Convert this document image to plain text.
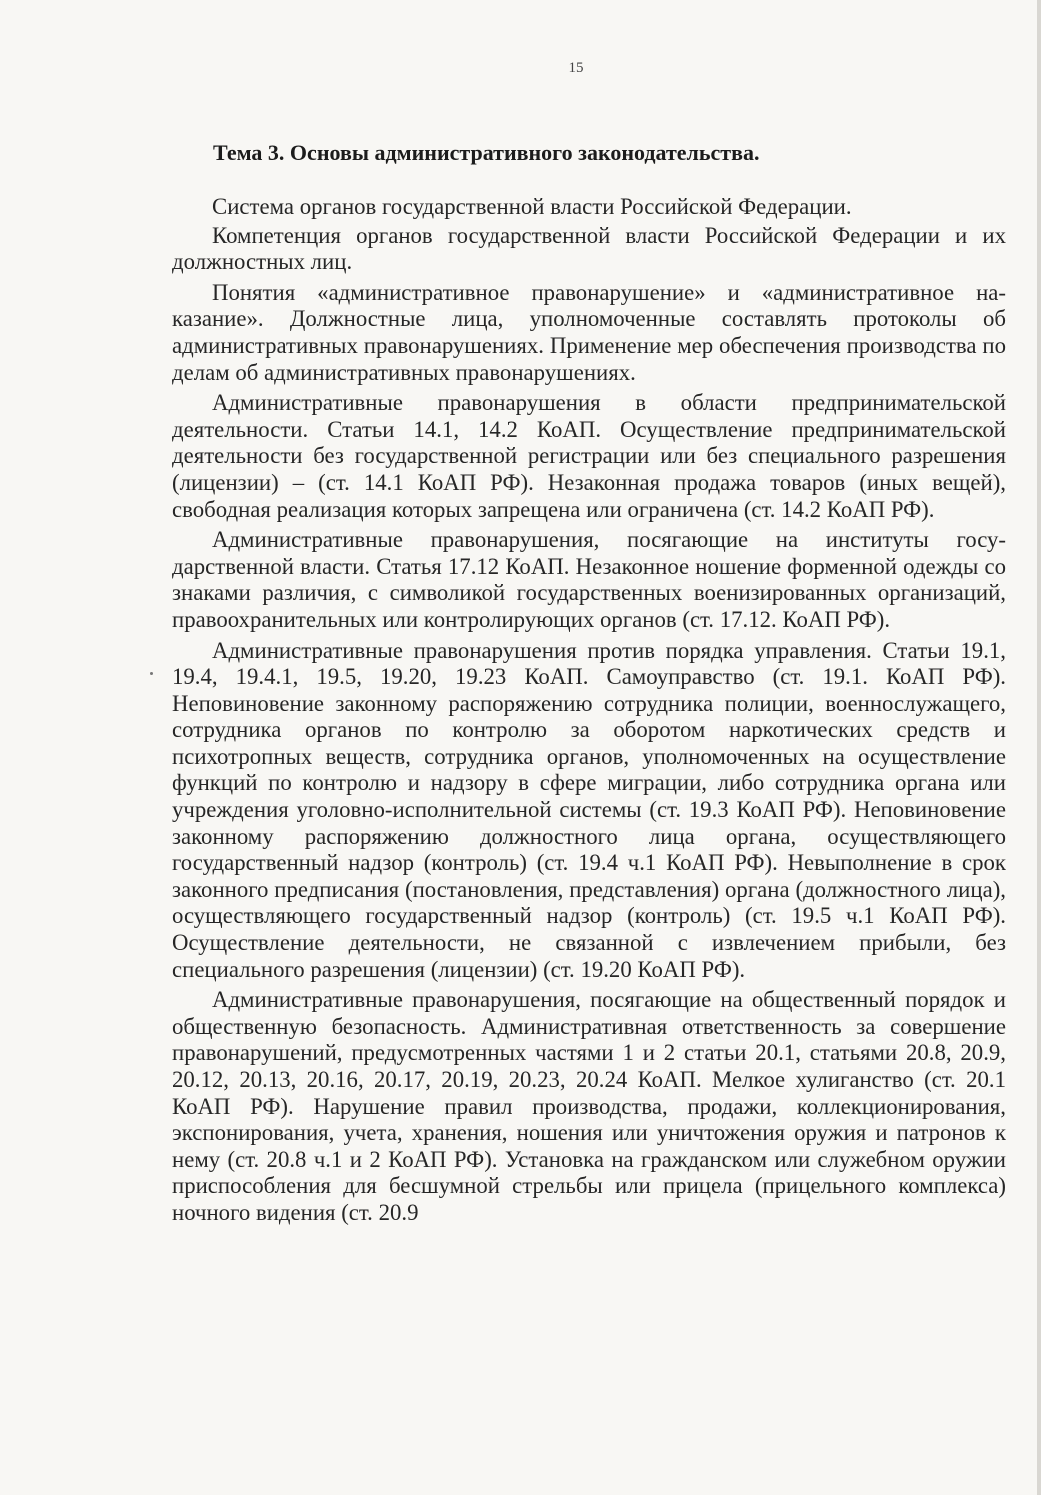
15
Тема 3. Основы административного законодательства.

Система органов государственной власти Российской Федерации.

Компетенция органов государственной власти Российской Федерации и их должностных лиц.

Понятия «административное правонарушение» и «административное наказание». Должностные лица, уполномоченные составлять протоколы об административных правонарушениях. Применение мер обеспечения производства по делам об административных правонарушениях.

Административные правонарушения в области предпринимательской деятельности. Статьи 14.1, 14.2 КоАП. Осуществление предпринимательской деятельности без государственной регистрации или без специального разрешения (лицензии) – (ст. 14.1 КоАП РФ). Незаконная продажа товаров (иных вещей), свободная реализация которых запрещена или ограничена (ст. 14.2 КоАП РФ).

Административные правонарушения, посягающие на институты государственной власти. Статья 17.12 КоАП. Незаконное ношение форменной одежды со знаками различия, с символикой государственных военизированных организаций, правоохранительных или контролирующих органов (ст. 17.12. КоАП РФ).

Административные правонарушения против порядка управления. Статьи 19.1, 19.4, 19.4.1, 19.5, 19.20, 19.23 КоАП. Самоуправство (ст. 19.1. КоАП РФ). Неповиновение законному распоряжению сотрудника полиции, военнослужащего, сотрудника органов по контролю за оборотом наркотических средств и психотропных веществ, сотрудника органов, уполномоченных на осуществление функций по контролю и надзору в сфере миграции, либо сотрудника органа или учреждения уголовно-исполнительной системы (ст. 19.3 КоАП РФ). Неповиновение законному распоряжению должностного лица органа, осуществляющего государственный надзор (контроль) (ст. 19.4 ч.1 КоАП РФ). Невыполнение в срок законного предписания (постановления, представления) органа (должностного лица), осуществляющего государственный надзор (контроль) (ст. 19.5 ч.1 КоАП РФ). Осуществление деятельности, не связанной с извлечением прибыли, без специального разрешения (лицензии) (ст. 19.20 КоАП РФ).

Административные правонарушения, посягающие на общественный порядок и общественную безопасность. Административная ответственность за совершение правонарушений, предусмотренных частями 1 и 2 статьи 20.1, статьями 20.8, 20.9, 20.12, 20.13, 20.16, 20.17, 20.19, 20.23, 20.24 КоАП. Мелкое хулиганство (ст. 20.1 КоАП РФ). Нарушение правил производства, продажи, коллекционирования, экспонирования, учета, хранения, ношения или уничтожения оружия и патронов к нему (ст. 20.8 ч.1 и 2 КоАП РФ). Установка на гражданском или служебном оружии приспособления для бесшумной стрельбы или прицела (прицельного комплекса) ночного видения (ст. 20.9
